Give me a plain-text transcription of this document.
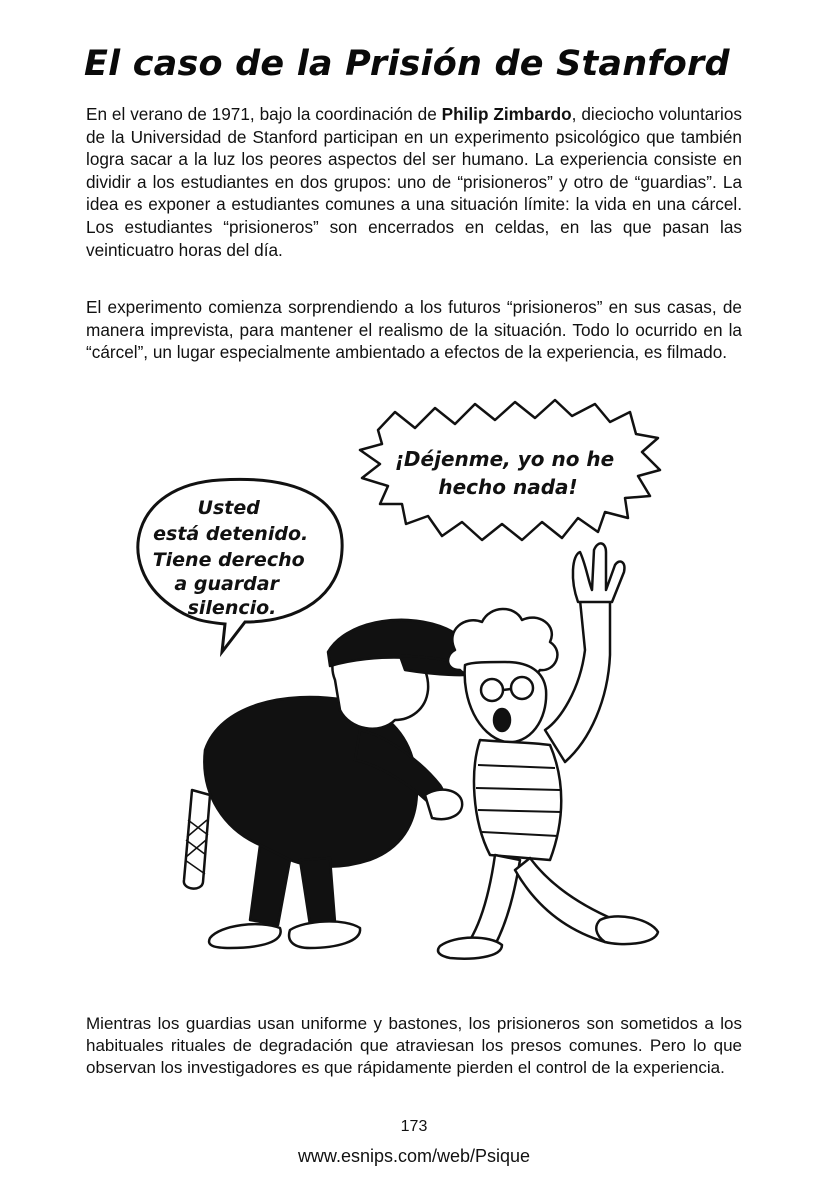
El caso de la Prisión de Stanford
En el verano de 1971, bajo la coordinación de Philip Zimbardo, dieciocho voluntarios de la Universidad de Stanford participan en un experimento psicológico que también logra sacar a la luz los peores aspectos del ser humano. La experiencia consiste en dividir a los estudiantes en dos grupos: uno de “prisioneros” y otro de “guardias”. La idea es exponer a estudiantes comunes a una situación límite: la vida en una cárcel. Los estudiantes “prisioneros” son encerrados en celdas, en las que pasan las veinticuatro horas del día.
El experimento comienza sorprendiendo a los futuros “prisioneros” en sus casas, de manera imprevista, para mantener el realismo de la situación. Todo lo ocurrido en la “cárcel”, un lugar especialmente ambientado a efectos de la experiencia, es filmado.
Usted está detenido. Tiene derecho a guardar silencio.
¡Déjenme, yo no he hecho nada!
Mientras los guardias usan uniforme y bastones, los prisioneros son sometidos a los habituales rituales de degradación que atraviesan los presos comunes. Pero lo que observan los investigadores es que rápidamente pierden el control de la experiencia.
173
www.esnips.com/web/Psique
